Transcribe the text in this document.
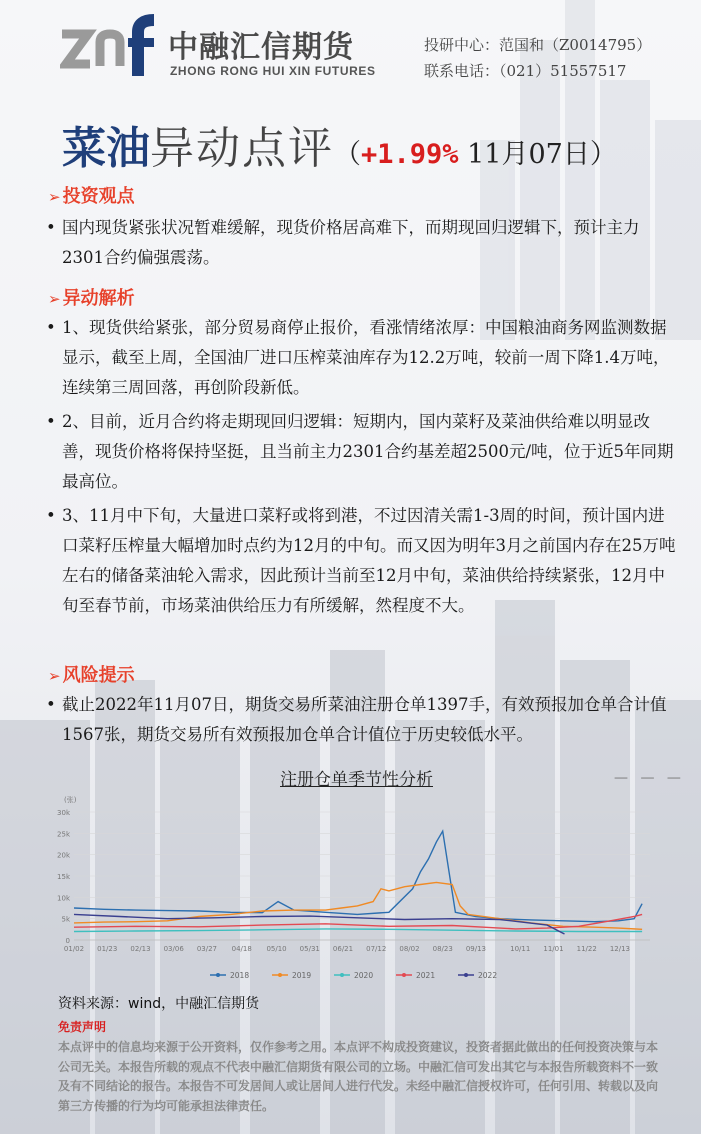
中融汇信期货
ZHONG RONG HUI XIN FUTURES
投研中心：范国和（Z0014795）
联系电话：（021）51557517
菜油异动点评（+1.99% 11月07日）
➢ 投资观点
• 国内现货紧张状况暂难缓解，现货价格居高难下，而期现回归逻辑下，预计主力2301合约偏强震荡。
➢ 异动解析
• 1、现货供给紧张，部分贸易商停止报价，看涨情绪浓厚：中国粮油商务网监测数据显示，截至上周，全国油厂进口压榨菜油库存为12.2万吨，较前一周下降1.4万吨，连续第三周回落，再创阶段新低。
• 2、目前，近月合约将走期现回归逻辑：短期内，国内菜籽及菜油供给难以明显改善，现货价格将保持坚挺，且当前主力2301合约基差超2500元/吨，位于近5年同期最高位。
• 3、11月中下旬，大量进口菜籽或将到港，不过因清关需1-3周的时间，预计国内进口菜籽压榨量大幅增加时点约为12月的中旬。而又因为明年3月之前国内存在25万吨左右的储备菜油轮入需求，因此预计当前至12月中旬，菜油供给持续紧张，12月中旬至春节前，市场菜油供给压力有所缓解，然程度不大。
➢ 风险提示
• 截止2022年11月07日，期货交易所菜油注册仓单1397手，有效预报加仓单合计值1567张，期货交易所有效预报加仓单合计值位于历史较低水平。
注册仓单季节性分析	— — —
(张)
0
5k
10k
15k
20k
25k
30k
01/02 01/23 02/13 03/06 03/27 04/18 05/10 05/31 06/21 07/12 08/02 08/23 09/13	10/11 11/01 11/22 12/13
2018	2019	2020	2021	2022
资料来源：wind，中融汇信期货
免责声明
本点评中的信息均来源于公开资料，仅作参考之用。本点评不构成投资建议，投资者据此做出的任何投资决策与本公司无关。本报告所载的观点不代表中融汇信期货有限公司的立场。中融汇信可发出其它与本报告所载资料不一致及有不同结论的报告。本报告不可发居间人或让居间人进行代发。未经中融汇信授权许可，任何引用、转载以及向第三方传播的行为均可能承担法律责任。
